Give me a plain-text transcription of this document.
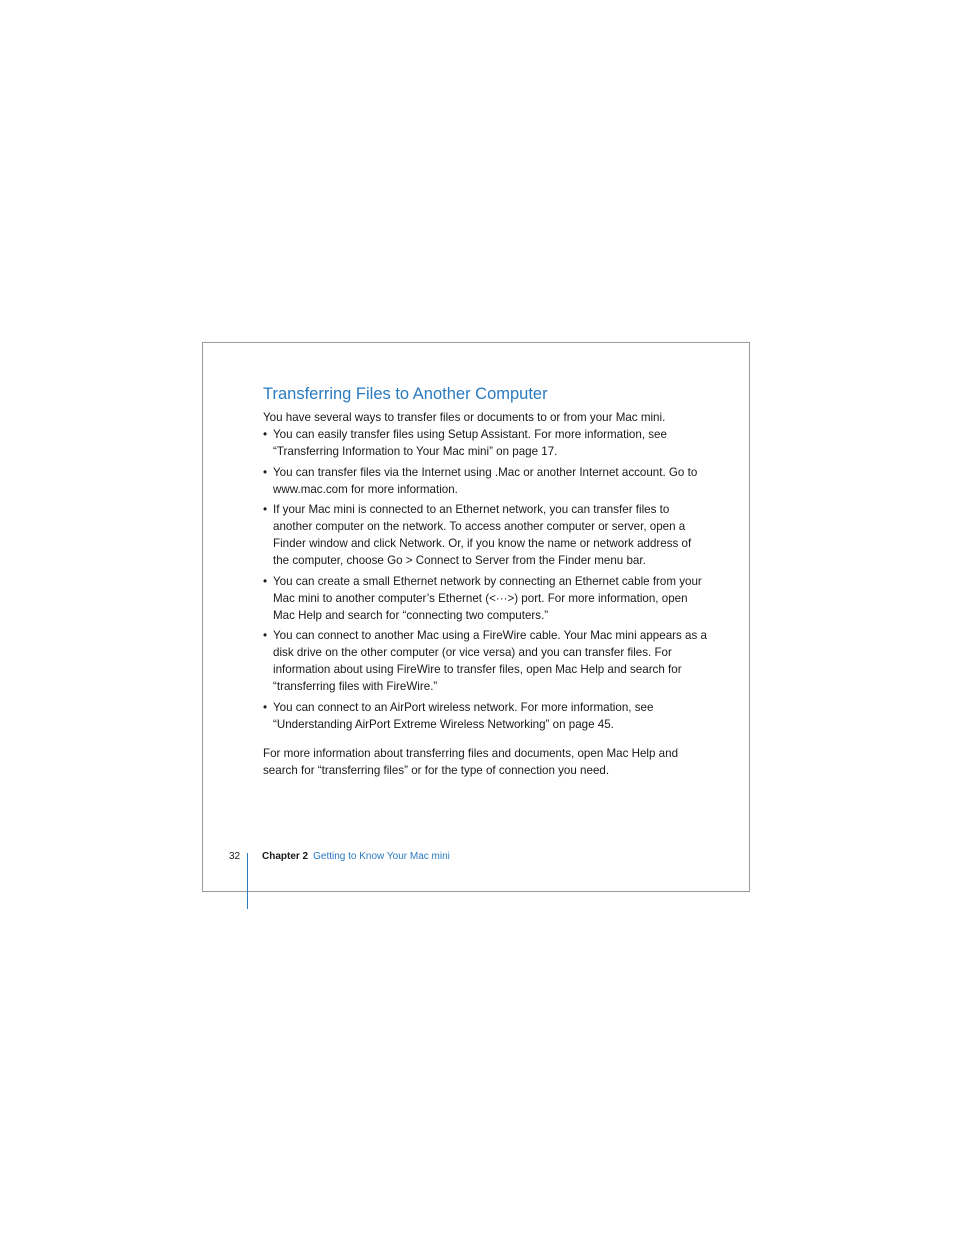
Transferring Files to Another Computer

You have several ways to transfer files or documents to or from your Mac mini.

• You can easily transfer files using Setup Assistant. For more information, see “Transferring Information to Your Mac mini” on page 17.
• You can transfer files via the Internet using .Mac or another Internet account. Go to www.mac.com for more information.
• If your Mac mini is connected to an Ethernet network, you can transfer files to another computer on the network. To access another computer or server, open a Finder window and click Network. Or, if you know the name or network address of the computer, choose Go > Connect to Server from the Finder menu bar.
• You can create a small Ethernet network by connecting an Ethernet cable from your Mac mini to another computer’s Ethernet (<···>) port. For more information, open Mac Help and search for “connecting two computers.”
• You can connect to another Mac using a FireWire cable. Your Mac mini appears as a disk drive on the other computer (or vice versa) and you can transfer files. For information about using FireWire to transfer files, open Mac Help and search for “transferring files with FireWire.”
• You can connect to an AirPort wireless network. For more information, see “Understanding AirPort Extreme Wireless Networking” on page 45.

For more information about transferring files and documents, open Mac Help and search for “transferring files” or for the type of connection you need.

32 Chapter 2 Getting to Know Your Mac mini
